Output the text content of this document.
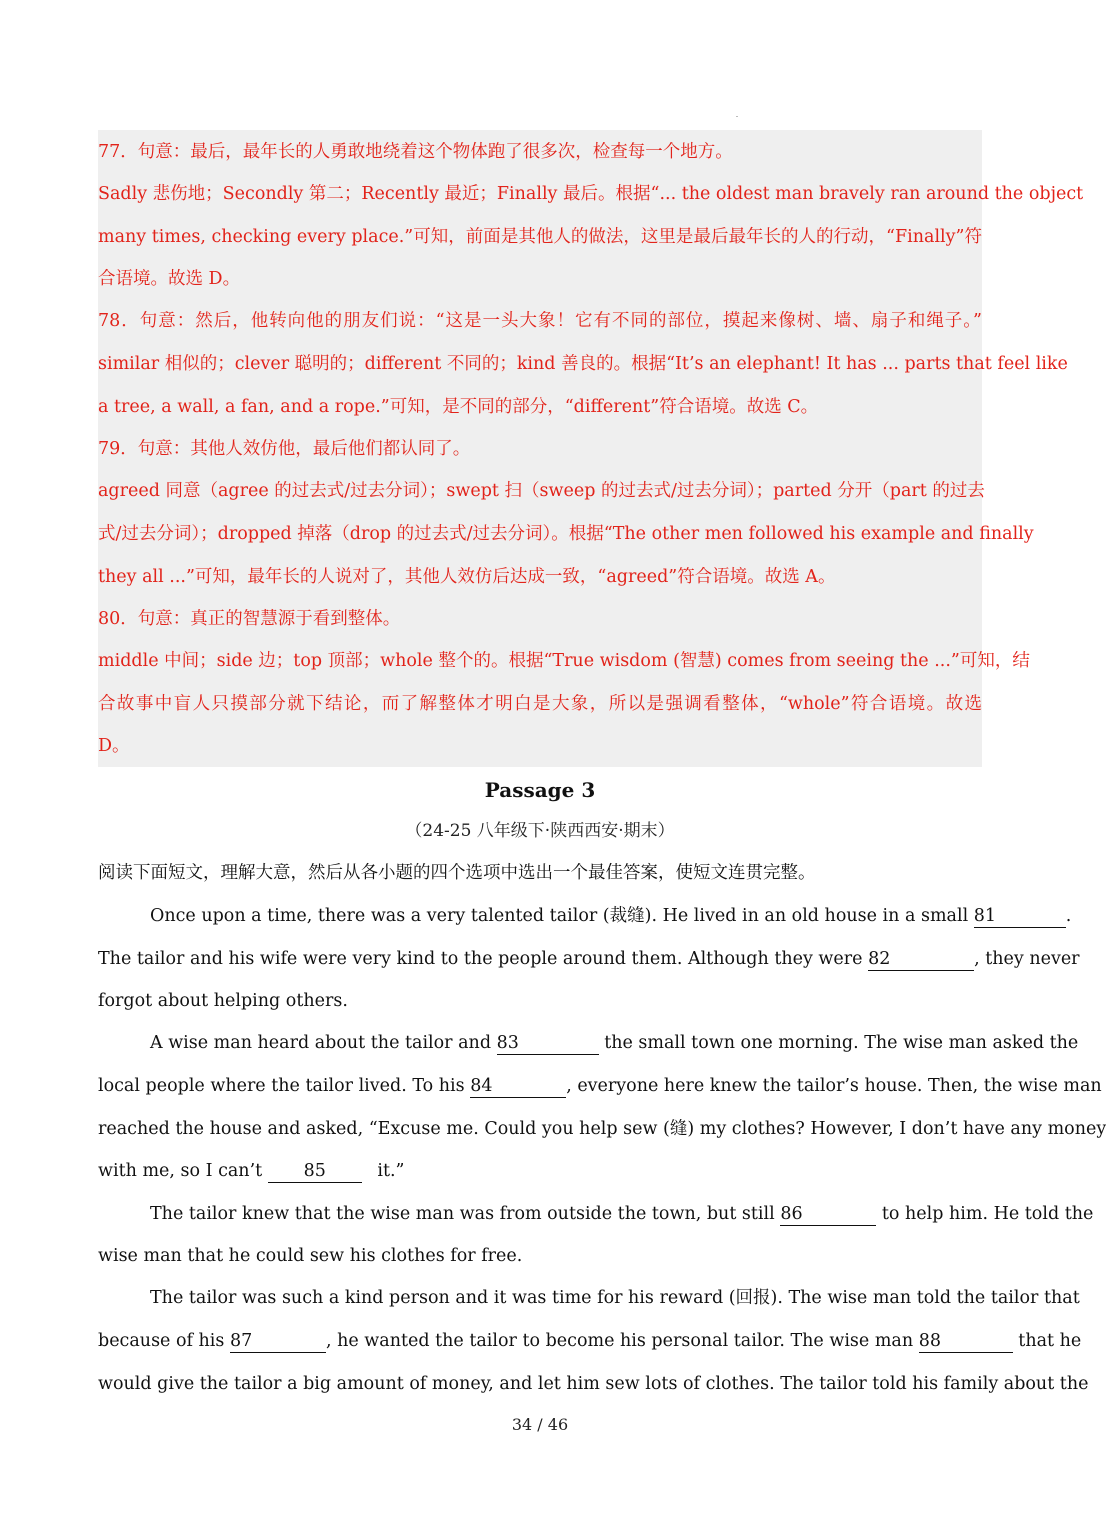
77．句意：最后，最年长的人勇敢地绕着这个物体跑了很多次，检查每一个地方。
Sadly 悲伤地；Secondly 第二；Recently 最近；Finally 最后。根据“... the oldest man bravely ran around the object
many times, checking every place.”可知，前面是其他人的做法，这里是最后最年长的人的行动，“Finally”符
合语境。故选 D。
78．句意：然后，他转向他的朋友们说：“这是一头大象！它有不同的部位，摸起来像树、墙、扇子和绳子。”
similar 相似的；clever 聪明的；different 不同的；kind 善良的。根据“It’s an elephant! It has ... parts that feel like
a tree, a wall, a fan, and a rope.”可知，是不同的部分，“different”符合语境。故选 C。
79．句意：其他人效仿他，最后他们都认同了。
agreed 同意（agree 的过去式/过去分词）；swept 扫（sweep 的过去式/过去分词）；parted 分开（part 的过去
式/过去分词）；dropped 掉落（drop 的过去式/过去分词）。根据“The other men followed his example and finally
they all ...”可知，最年长的人说对了，其他人效仿后达成一致，“agreed”符合语境。故选 A。
80．句意：真正的智慧源于看到整体。
middle 中间；side 边；top 顶部；whole 整个的。根据“True wisdom (智慧) comes from seeing the ...”可知，结
合故事中盲人只摸部分就下结论，而了解整体才明白是大象，所以是强调看整体，“whole”符合语境。故选
D。
Passage 3
（24-25 八年级下·陕西西安·期末）
阅读下面短文，理解大意，然后从各小题的四个选项中选出一个最佳答案，使短文连贯完整。
Once upon a time, there was a very talented tailor (裁缝). He lived in an old house in a small 81	.
The tailor and his wife were very kind to the people around them. Although they were 82	, they never
forgot about helping others.
A wise man heard about the tailor and 83	the small town one morning. The wise man asked the
local people where the tailor lived. To his 84	, everyone here knew the tailor’s house. Then, the wise man
reached the house and asked, “Excuse me. Could you help sew (缝) my clothes? However, I don’t have any money
with me, so I can’t 85	it.”
The tailor knew that the wise man was from outside the town, but still 86	to help him. He told the
wise man that he could sew his clothes for free.
The tailor was such a kind person and it was time for his reward (回报). The wise man told the tailor that
because of his 87	, he wanted the tailor to become his personal tailor. The wise man 88	that he
would give the tailor a big amount of money, and let him sew lots of clothes. The tailor told his family about the
34 / 46
